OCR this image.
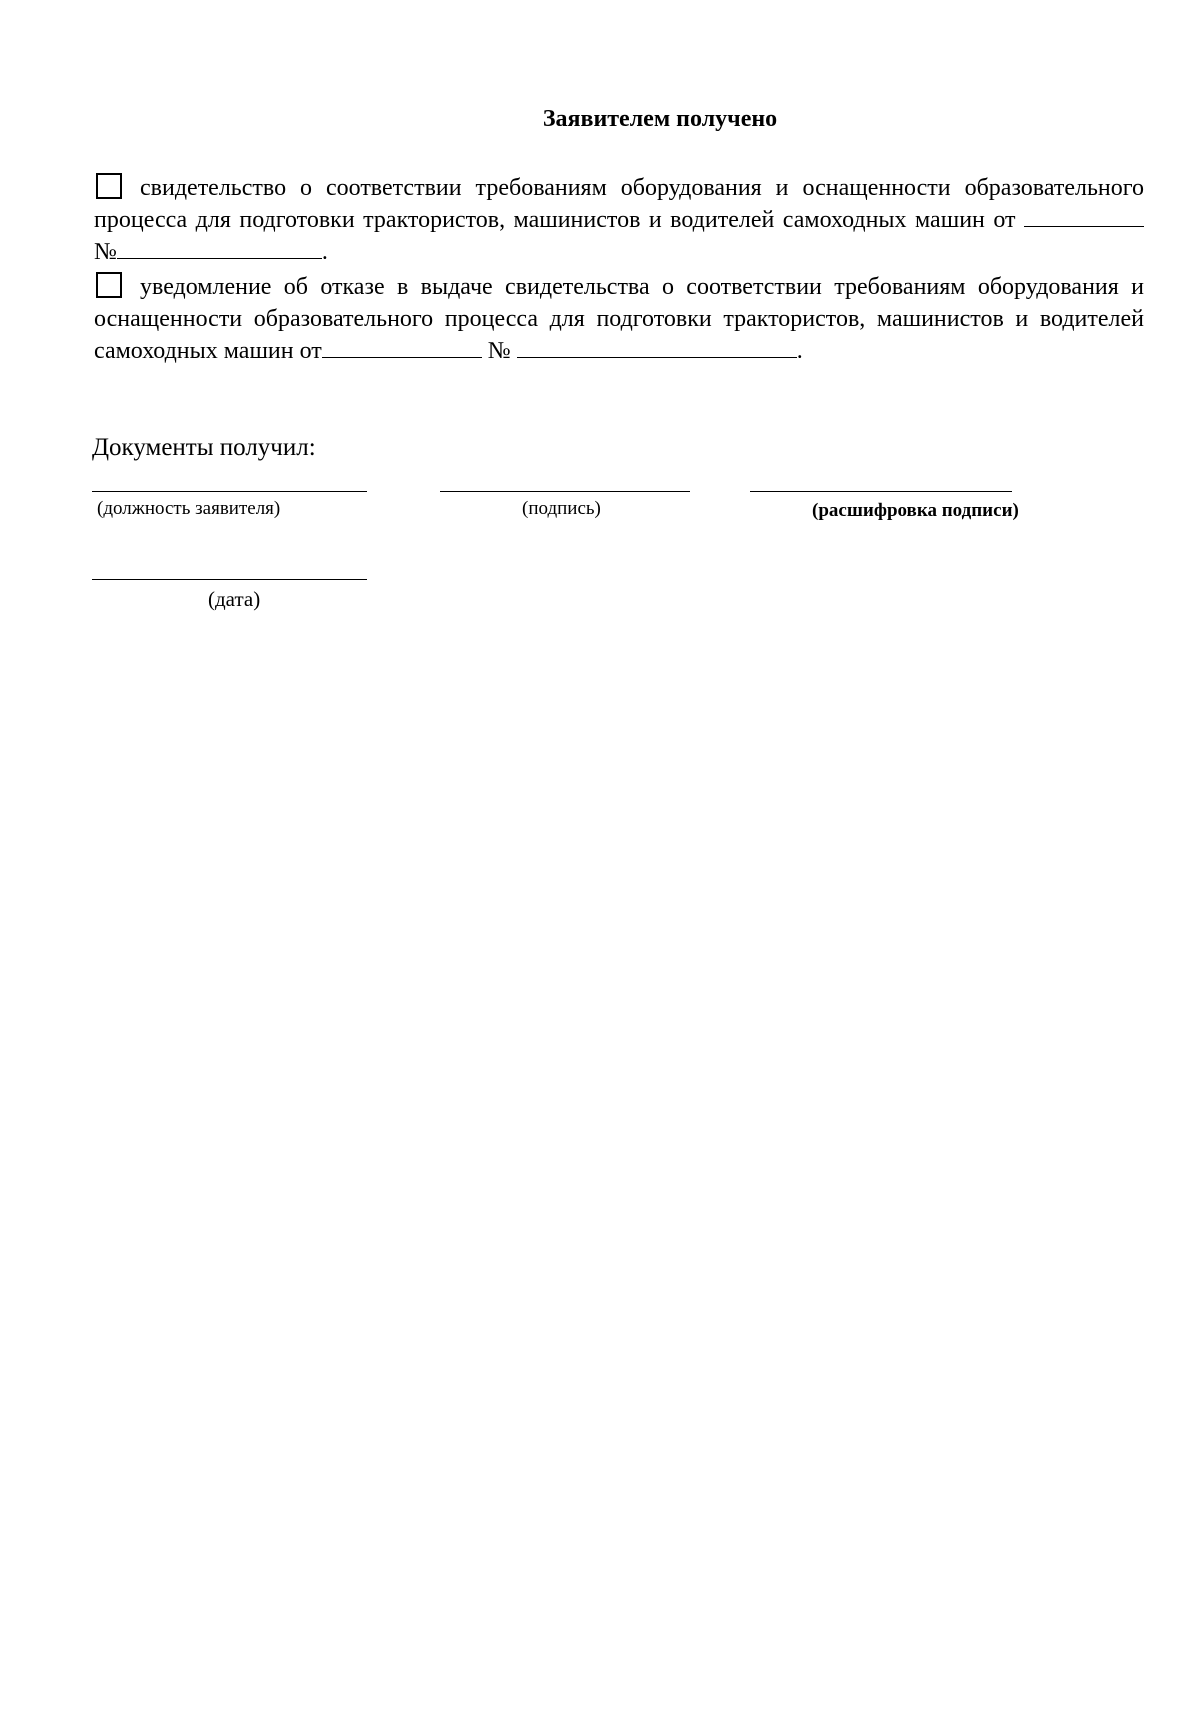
Заявителем получено

свидетельство о соответствии требованиям оборудования и оснащенности образовательного процесса для подготовки трактористов, машинистов и водителей самоходных машин от  №	.

уведомление об отказе в выдаче свидетельства о соответствии требованиям оборудования и оснащенности образовательного процесса для подготовки трактористов, машинистов и водителей самоходных машин от	№	.

Документы получил:
(должность заявителя)	(подпись)	(расшифровка подписи)
(дата)
